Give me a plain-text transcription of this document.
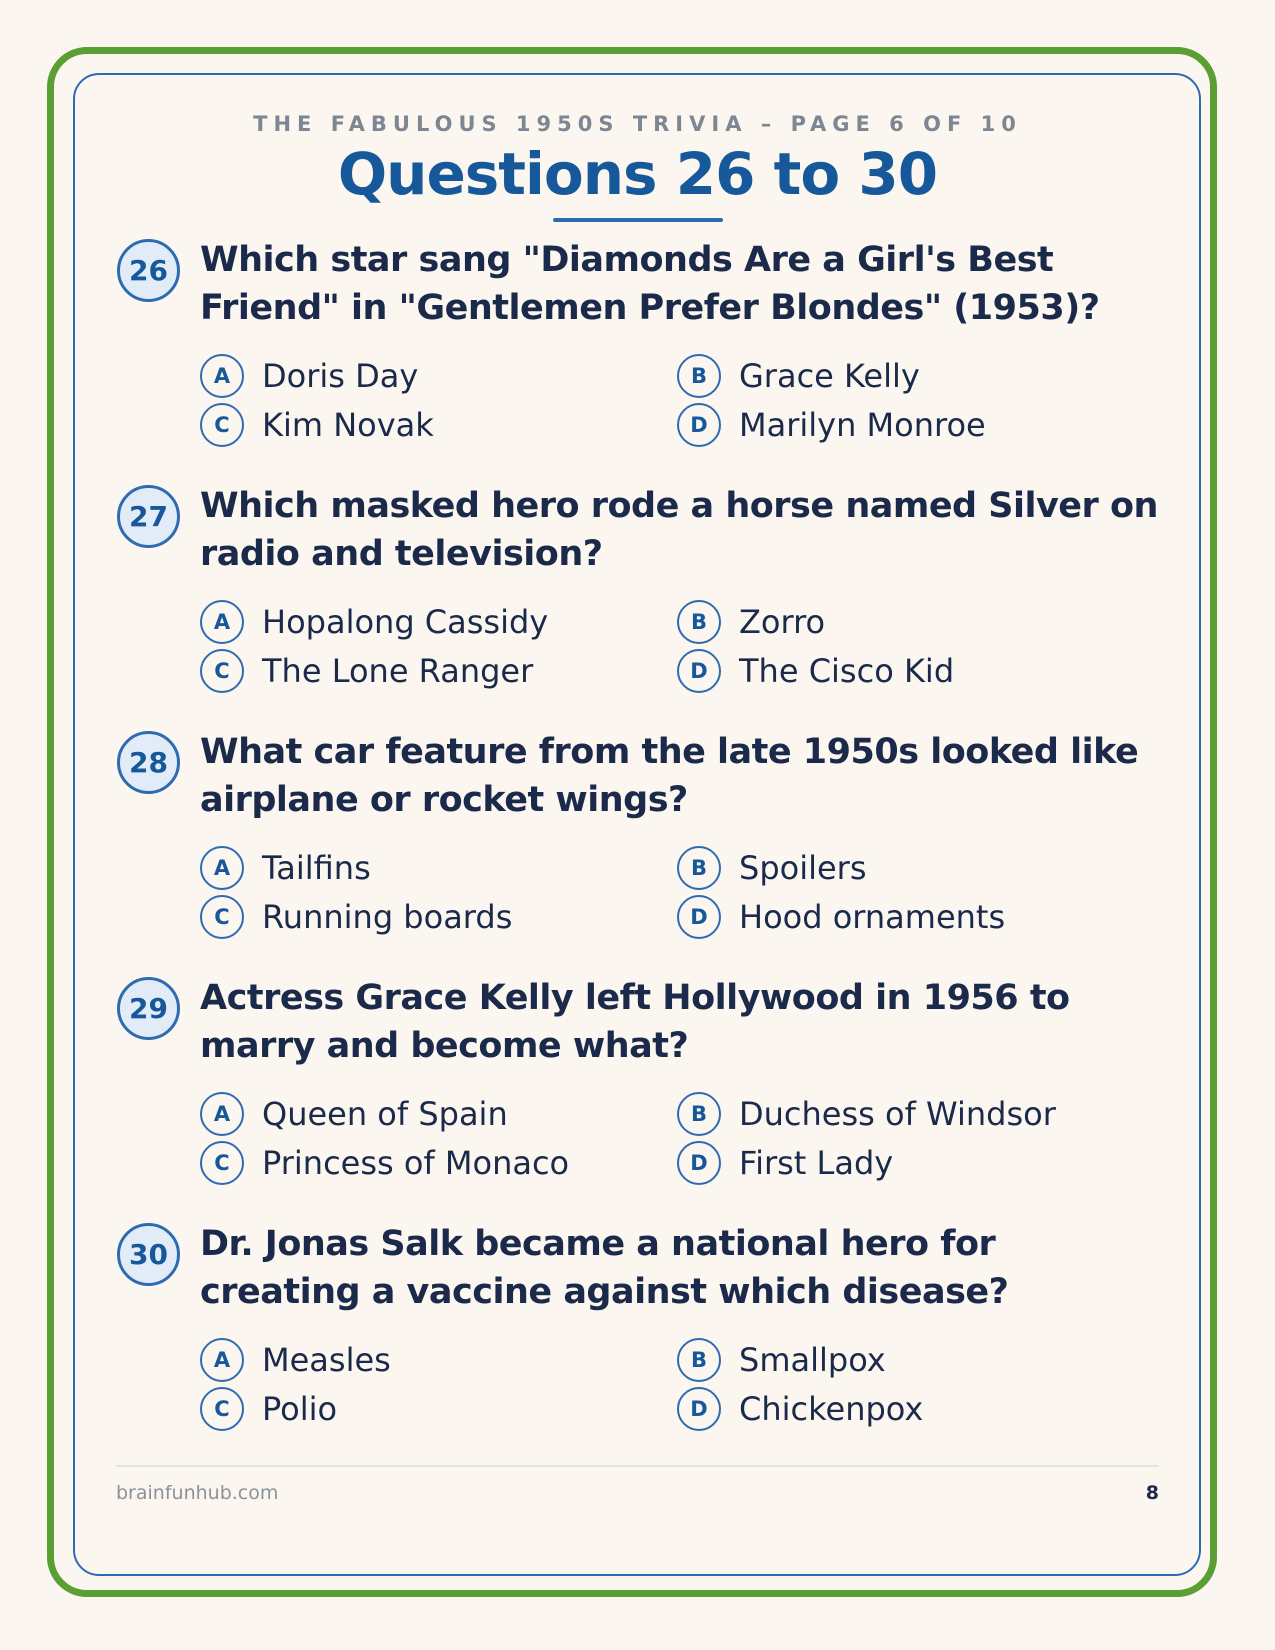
THE FABULOUS 1950S TRIVIA – PAGE 6 OF 10
Questions 26 to 30
26 Which star sang "Diamonds Are a Girl's Best Friend" in "Gentlemen Prefer Blondes" (1953)?
A Doris Day	B	Grace Kelly
C	Kim Novak	D Marilyn Monroe
27 Which masked hero rode a horse named Silver on radio and television?
A Hopalong Cassidy	B	Zorro
C	The Lone Ranger	D The Cisco Kid
28 What car feature from the late 1950s looked like airplane or rocket wings?
A Tailfins	B	Spoilers
C	Running boards	D Hood ornaments
29 Actress Grace Kelly left Hollywood in 1956 to marry and become what?
A Queen of Spain	B	Duchess of Windsor
C	Princess of Monaco	D First Lady
30 Dr. Jonas Salk became a national hero for creating a vaccine against which disease?
A Measles	B	Smallpox
C	Polio	D Chickenpox
brainfunhub.com	8
